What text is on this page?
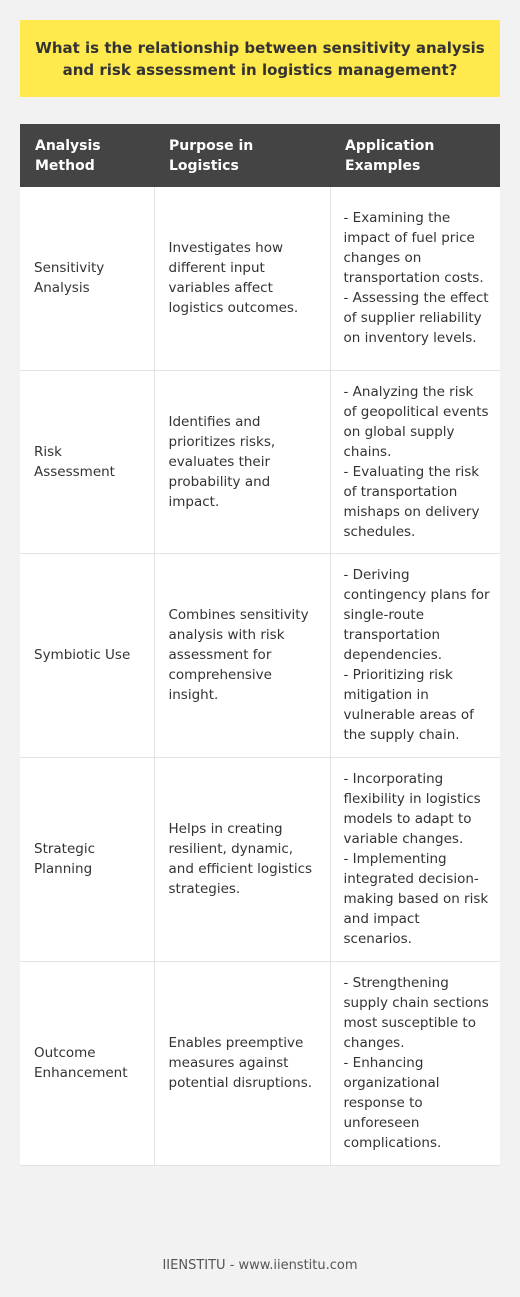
What is the relationship between sensitivity analysis and risk assessment in logistics management?
Analysis Method	Purpose in Logistics	Application Examples
Sensitivity Analysis	Investigates how different input variables affect logistics outcomes.	- Examining the impact of fuel price changes on transportation costs.
- Assessing the effect of supplier reliability on inventory levels.

Risk Assessment	Identifies and prioritizes risks, evaluates their probability and impact.	- Analyzing the risk of geopolitical events on global supply chains.
- Evaluating the risk of transportation mishaps on delivery schedules.

Symbiotic Use	Combines sensitivity analysis with risk assessment for comprehensive insight.	- Deriving contingency plans for single-route transportation dependencies.
- Prioritizing risk mitigation in vulnerable areas of the supply chain.

Strategic Planning	Helps in creating resilient, dynamic, and efficient logistics strategies.	- Incorporating flexibility in logistics models to adapt to variable changes.
- Implementing integrated decision-making based on risk and impact scenarios.

Outcome Enhancement	Enables preemptive measures against potential disruptions.	- Strengthening supply chain sections most susceptible to changes.
- Enhancing organizational response to unforeseen complications.
IIENSTITU - www.iienstitu.com
